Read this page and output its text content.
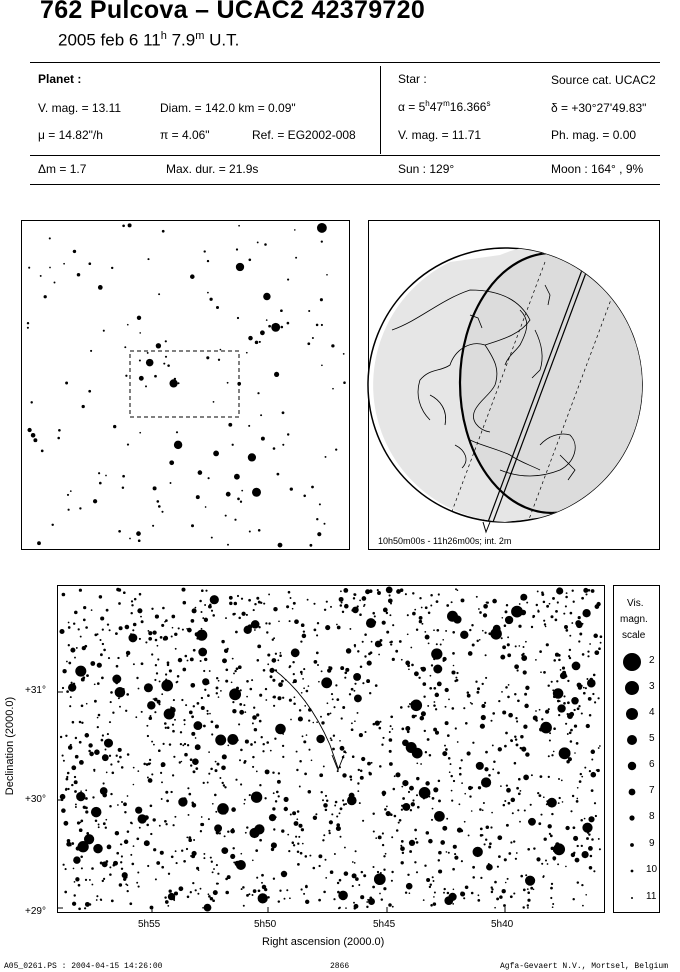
762 Pulcova – UCAC2 42379720
2005 feb 6 11$^h$ 7.9$^m$ U.T.
Planet :
V. mag. = 13.11	Diam. = 142.0 km = 0.09"
μ = 14.82"/h	π = 4.06"	Ref. = EG2002-008
Star :	Source cat. UCAC2
$\alpha = 5^h47^m16.366^s$	δ = +30°27'49.83"
V. mag. = 11.71	Ph. mag. = 0.00
Δm = 1.7	Max. dur. = 21.9s	Sun : 129°	Moon : 164° , 9%
10h50m00s - 11h26m00s; int. 2m
+31°
+30°
+29°
5h55	5h50	5h45	5h40
Right ascension (2000.0)
Declination (2000.0)
Vis.
magn.
scale
2
3
4
5
6
7
8
9
10
11
A05_0261.PS : 2004-04-15 14:26:00	2866	Agfa-Gevaert N.V., Mortsel, Belgium
